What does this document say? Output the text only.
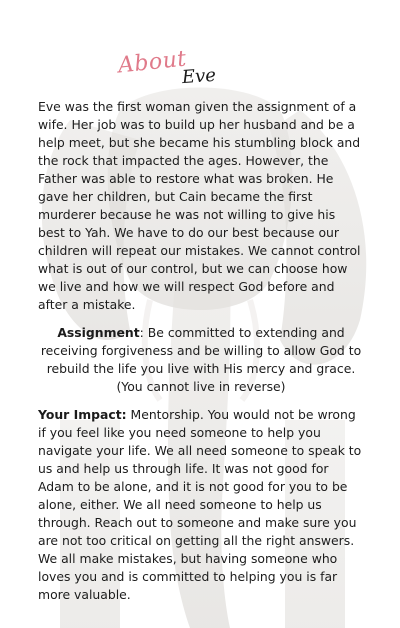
About
Eve

Eve was the first woman given the assignment of a wife. Her job was to build up her husband and be a help meet, but she became his stumbling block and the rock that impacted the ages. However, the Father was able to restore what was broken. He gave her children, but Cain became the first murderer because he was not willing to give his best to Yah. We have to do our best because our children will repeat our mistakes. We cannot control what is out of our control, but we can choose how we live and how we will respect God before and after a mistake.

Assignment: Be committed to extending and receiving forgiveness and be willing to allow God to rebuild the life you live with His mercy and grace. (You cannot live in reverse)

Your Impact: Mentorship. You would not be wrong if you feel like you need someone to help you navigate your life. We all need someone to speak to us and help us through life. It was not good for Adam to be alone, and it is not good for you to be alone, either. We all need someone to help us through. Reach out to someone and make sure you are not too critical on getting all the right answers. We all make mistakes, but having someone who loves you and is committed to helping you is far more valuable.
